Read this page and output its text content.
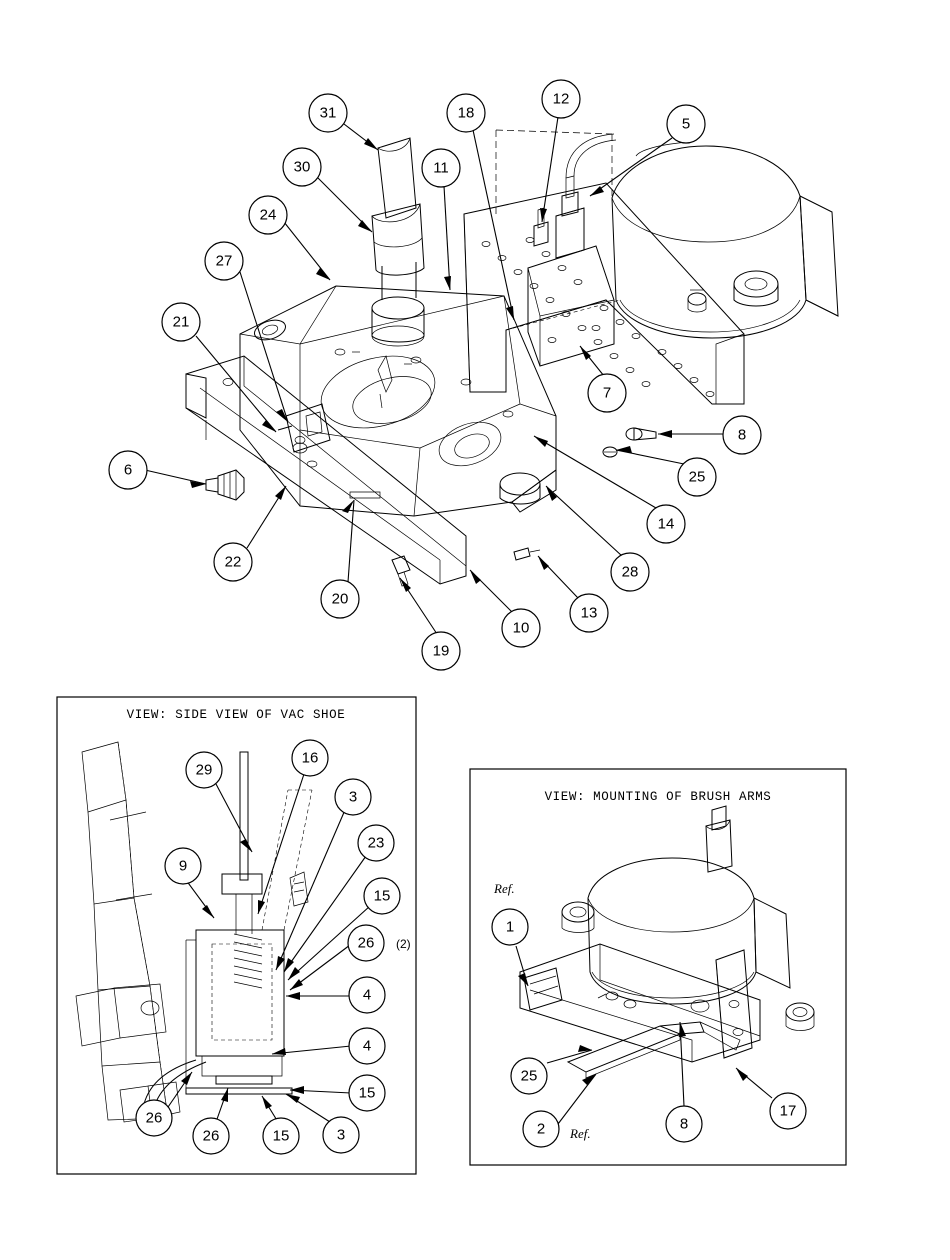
VIEW: SIDE VIEW OF VAC SHOE
VIEW: MOUNTING OF BRUSH ARMS
Ref.
Ref.
(2)
31
30
24
27
21
6
22
20
19
10
13
28
14
25
8
7
11
18
12
5
29
16
3
23
15
26
9
4
4
15
3
15
26
26
1
25
2	8
17
